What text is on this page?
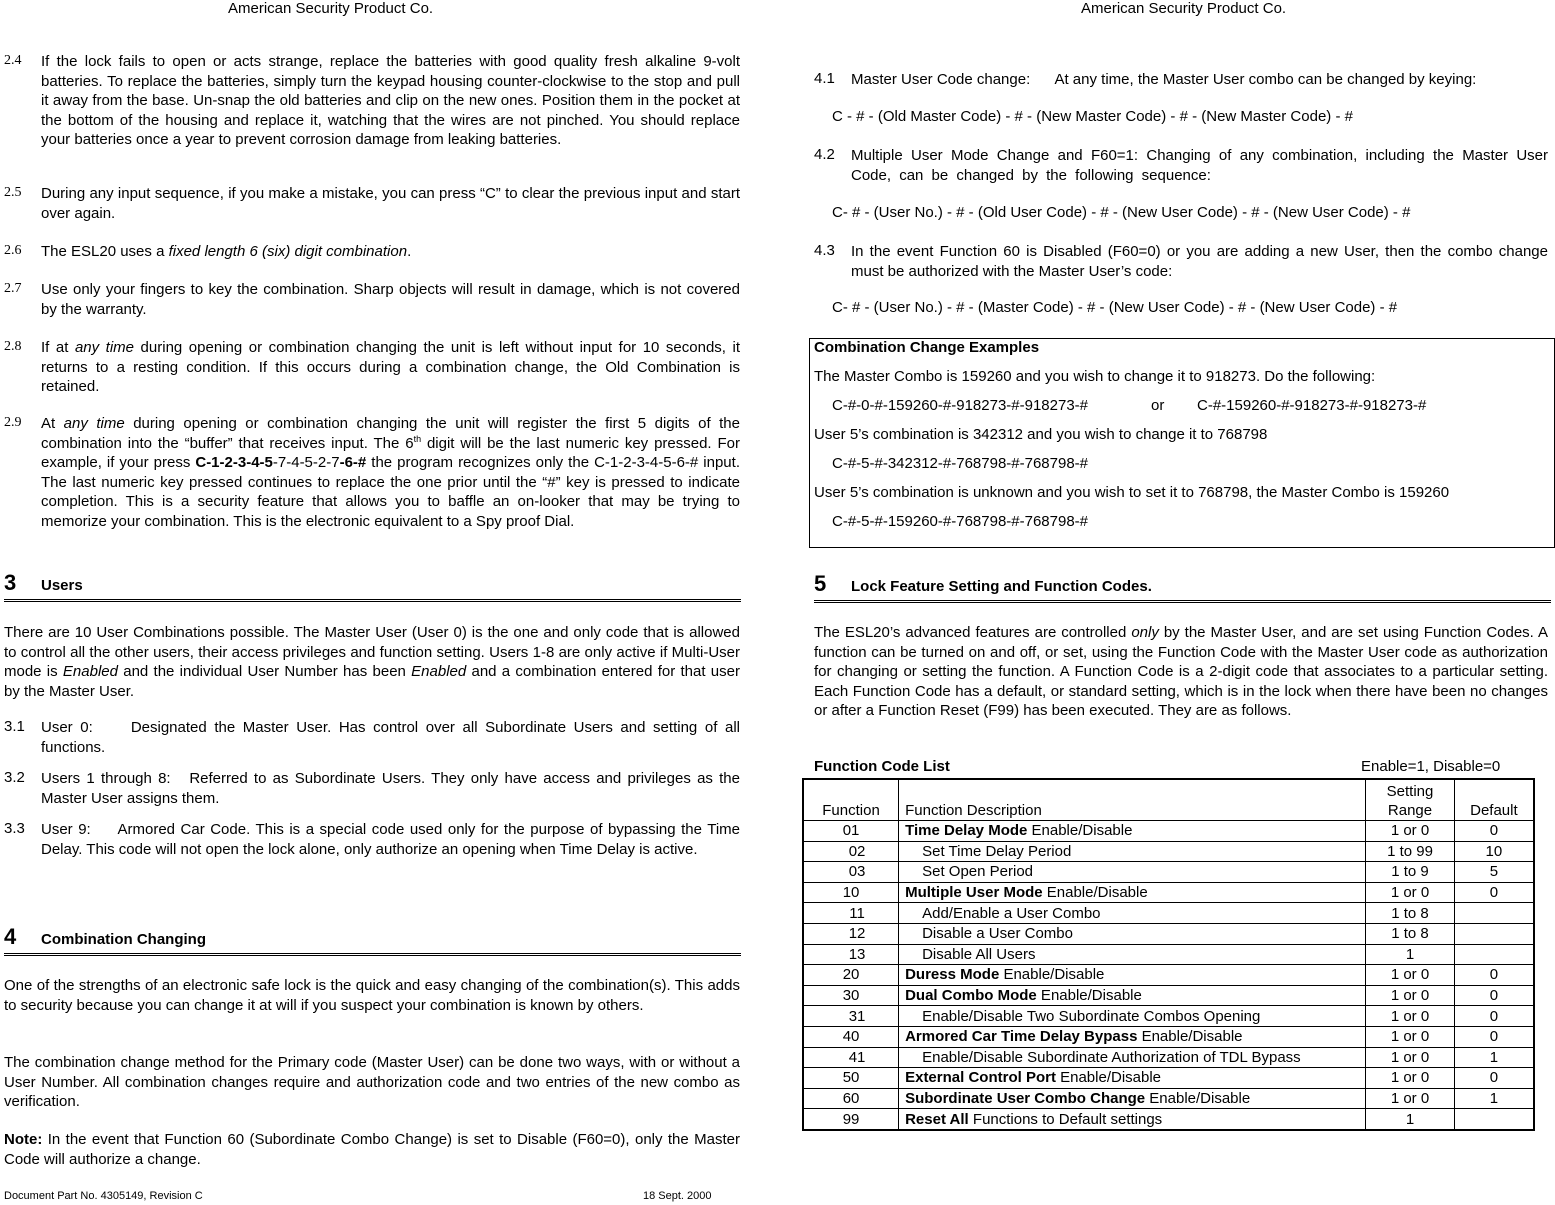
American Security Product Co.	American Security Product Co.
2.4 If the lock fails to open or acts strange, replace the batteries with good quality fresh alkaline 9-volt batteries. To replace the batteries, simply turn the keypad housing counter-clockwise to the stop and pull it away from the base. Un-snap the old batteries and clip on the new ones. Position them in the pocket at the bottom of the housing and replace it, watching that the wires are not pinched. You should replace your batteries once a year to prevent corrosion damage from leaking batteries.
2.5 During any input sequence, if you make a mistake, you can press “C” to clear the previous input and start over again.
2.6 The ESL20 uses a fixed length 6 (six) digit combination.
2.7 Use only your fingers to key the combination. Sharp objects will result in damage, which is not covered by the warranty.
2.8 If at any time during opening or combination changing the unit is left without input for 10 seconds, it returns to a resting condition. If this occurs during a combination change, the Old Combination is retained.
2.9 At any time during opening or combination changing the unit will register the first 5 digits of the combination into the “buffer” that receives input. The 6th digit will be the last numeric key pressed. For example, if your press C-1-2-3-4-5-7-4-5-2-7-6-# the program recognizes only the C-1-2-3-4-5-6-# input. The last numeric key pressed continues to replace the one prior until the “#” key is pressed to indicate completion. This is a security feature that allows you to baffle an on-looker that may be trying to memorize your combination. This is the electronic equivalent to a Spy proof Dial.
3 Users
There are 10 User Combinations possible. The Master User (User 0) is the one and only code that is allowed to control all the other users, their access privileges and function setting. Users 1-8 are only active if Multi-User mode is Enabled and the individual User Number has been Enabled and a combination entered for that user by the Master User.
3.1 User 0:	Designated the Master User. Has control over all Subordinate Users and setting of all functions.
3.2 Users 1 through 8: Referred to as Subordinate Users. They only have access and privileges as the Master User assigns them.
3.3 User 9: Armored Car Code. This is a special code used only for the purpose of bypassing the Time Delay. This code will not open the lock alone, only authorize an opening when Time Delay is active.
4 Combination Changing
One of the strengths of an electronic safe lock is the quick and easy changing of the combination(s). This adds to security because you can change it at will if you suspect your combination is known by others.
The combination change method for the Primary code (Master User) can be done two ways, with or without a User Number. All combination changes require and authorization code and two entries of the new combo as verification.
Note: In the event that Function 60 (Subordinate Combo Change) is set to Disable (F60=0), only the Master Code will authorize a change.
Document Part No. 4305149, Revision C	18 Sept. 2000
4.1 Master User Code change: At any time, the Master User combo can be changed by keying:
C - # - (Old Master Code) - # - (New Master Code) - # - (New Master Code) - #
4.2 Multiple User Mode Change and F60=1: Changing of any combination, including the Master User Code, can be changed by the following sequence:
C- # - (User No.) - # - (Old User Code) - # - (New User Code) - # - (New User Code) - #
4.3 In the event Function 60 is Disabled (F60=0) or you are adding a new User, then the combo change must be authorized with the Master User’s code:
C- # - (User No.) - # - (Master Code) - # - (New User Code) - # - (New User Code) - #
Combination Change Examples
The Master Combo is 159260 and you wish to change it to 918273. Do the following:
C-#-0-#-159260-#-918273-#-918273-#	or C-#-159260-#-918273-#-918273-#
User 5’s combination is 342312 and you wish to change it to 768798
C-#-5-#-342312-#-768798-#-768798-#
User 5’s combination is unknown and you wish to set it to 768798, the Master Combo is 159260
C-#-5-#-159260-#-768798-#-768798-#
5 Lock Feature Setting and Function Codes.
The ESL20’s advanced features are controlled only by the Master User, and are set using Function Codes. A function can be turned on and off, or set, using the Function Code with the Master User code as authorization for changing or setting the function. A Function Code is a 2-digit code that associates to a particular setting. Each Function Code has a default, or standard setting, which is in the lock when there have been no changes or after a Function Reset (F99) has been executed. They are as follows.
Function Code List	Enable=1, Disable=0
Function	Function Description	Setting Range	Default
01	Time Delay Mode Enable/Disable	1 or 0	0
02	Set Time Delay Period	1 to 99	10
03	Set Open Period	1 to 9	5
10	Multiple User Mode Enable/Disable	1 or 0	0
11	Add/Enable a User Combo	1 to 8	
12	Disable a User Combo	1 to 8	
13	Disable All Users	1	
20	Duress Mode Enable/Disable	1 or 0	0
30	Dual Combo Mode Enable/Disable	1 or 0	0
31	Enable/Disable Two Subordinate Combos Opening	1 or 0	0
40	Armored Car Time Delay Bypass Enable/Disable	1 or 0	0
41	Enable/Disable Subordinate Authorization of TDL Bypass	1 or 0	1
50	External Control Port Enable/Disable	1 or 0	0
60	Subordinate User Combo Change Enable/Disable	1 or 0	1
99	Reset All Functions to Default settings	1	
